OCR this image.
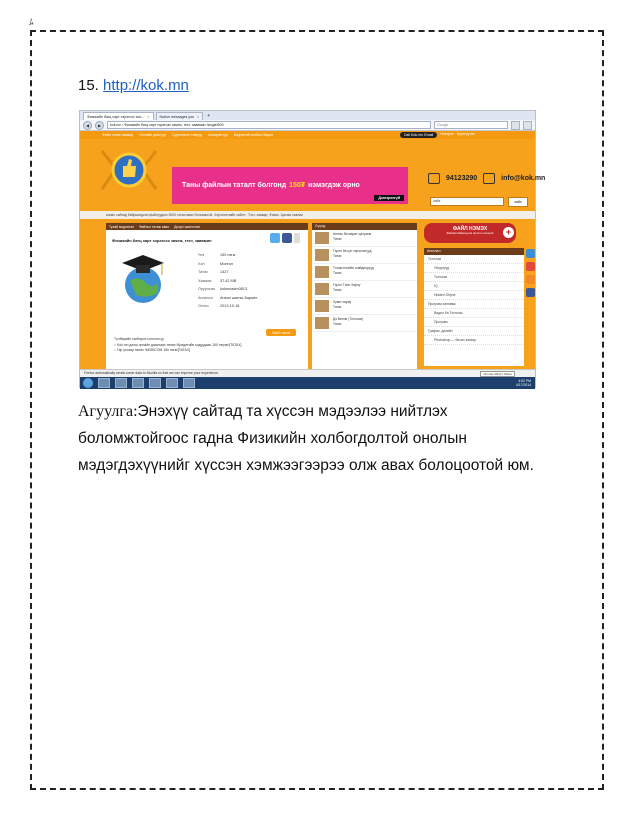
ﾑ
15. http://kok.mn
Физикийн багц харт хэрэгсэх хич... ×	Notion messages you ×	+
◀	▶	kok.mn › Физикийн багц харт хэрэгсэх зачем, тест, заавмин /single/609	Google
Файл татах заавар Онлайн дэлгүүр Сургалтын төвүүд Аспирантур Бидэнтэй холбоо барих	Call Kok.mn Email	Нэвтрэх Бүртгүүлэх
Таны файлын таталт болгонд
150₮
нэмэгдэж орно
Дэлгэрэнгүй
94123290	info@kok.mn
хайх	хайх
кокмн сайтад байршигдсан файлуудын 3000 татан авах боломжтой. Хэрэглэгчийн хайлт : Тэст, заавар, Физик, Цахим лавлах
Тухай мэдээлэл Файлыг татаж авах Доорх шинэчлэл
Физикийн багц харт хэрэгсэх зачем, тест, заавмин
Үнэ	150 нэгж
Хэл	Монгол
Татах	1427
Хэмжээ	37.42 MB
Оруулсан	kokmnadm0813
Ангилал	Анхан шатны Бармет
Огноо	2013-10-18
Файл татах
Түлбөрийн хэлбэрээ сонгоно уу
○ Kok.mn дээш онлайн данснаас төлөх /Кредитийн кодуудаас 150 төгрөг/[TATAX]
○ Гар утсаар төлөх /MOBICOM 150 нэгж/[TATAX]
Сүүлд
Анхны бө марат цахрини
Татах
Гэрэл бө цэг хэрэгсэнүүд
Татах
Тэгшитгэлийн шийдвэрүүд
Татах
Гэрэл Тэмт Хөрпү
Татах
Хувьт хариу
Татах
Дэ Винчи (Тоглоом)
Татах
ФАЙЛ НЭМЭХ
Файлаа байршуулж орлого олоорой	+
Ангилал
Тоглоом
Үйлдлүүд
Тоглоом
IQ
Hidden Object
Програм хангамж
Видео ба Тоглоом
Програм
График, дизайн
Photoshop — бичих загвар
Firefox automatically sends some data to Mozilla so that we can improve your experience.	Choose What I Share
4:52 PM
4/17/2014
Агуулга:Энэхүү сайтад та хүссэн мэдээлээ нийтлэх боломжтойгоос гадна Физикийн холбогдолтой онолын мэдэгдэхүүнийг хүссэн хэмжээгээрээ олж авах болоцоотой юм.
